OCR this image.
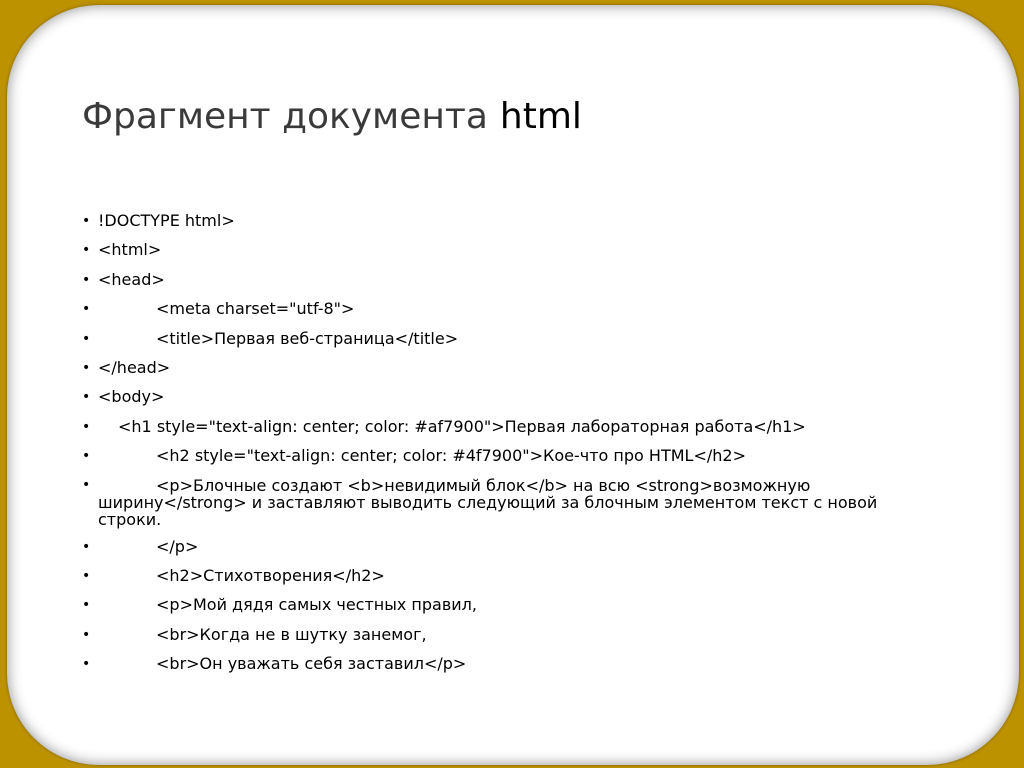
Фрагмент документа html
• !DOCTYPE html>
• <html>
• <head>
•	<meta charset="utf-8">
•	<title>Первая веб-страница</title>
• </head>
• <body>
• <h1 style="text-align: center; color: #af7900">Первая лабораторная работа</h1>
•	<h2 style="text-align: center; color: #4f7900">Кое-что про HTML</h2>
•	<p>Блочные создают <b>невидимый блок</b> на всю <strong>возможную ширину</strong> и заставляют выводить следующий за блочным элементом текст с новой строки.
•	</p>
•	<h2>Стихотворения</h2>
•	<p>Мой дядя самых честных правил,
•	<br>Когда не в шутку занемог,
•	<br>Он уважать себя заставил</p>
